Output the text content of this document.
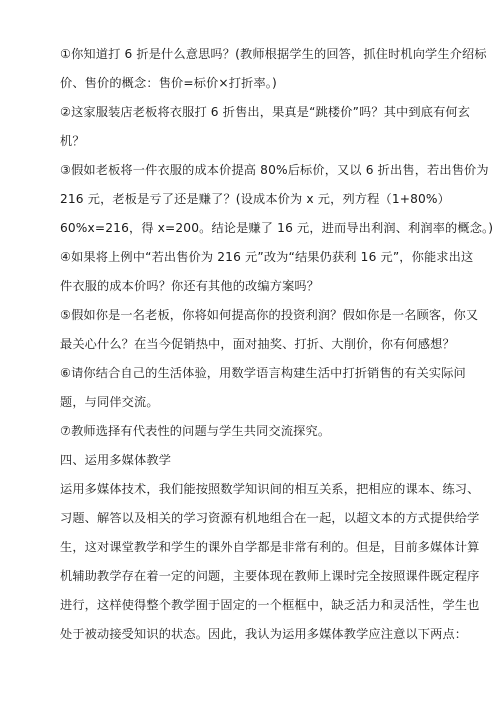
①你知道打 6 折是什么意思吗？(教师根据学生的回答，抓住时机向学生介绍标
价、售价的概念：售价=标价×打折率。)

②这家服装店老板将衣服打 6 折售出，果真是“跳楼价”吗？其中到底有何玄
机？

③假如老板将一件衣服的成本价提高 80%后标价，又以 6 折出售，若出售价为
216 元，老板是亏了还是赚了？(设成本价为 x 元，列方程（1+80%）
60%x=216，得 x=200。结论是赚了 16 元，进而导出利润、利润率的概念。)

④如果将上例中“若出售价为 216 元”改为“结果仍获利 16 元”，你能求出这
件衣服的成本价吗？你还有其他的改编方案吗？

⑤假如你是一名老板，你将如何提高你的投资利润？假如你是一名顾客，你又
最关心什么？在当今促销热中，面对抽奖、打折、大削价，你有何感想？

⑥请你结合自己的生活体验，用数学语言构建生活中打折销售的有关实际问
题，与同伴交流。

⑦教师选择有代表性的问题与学生共同交流探究。

四、运用多媒体教学

运用多媒体技术，我们能按照数学知识间的相互关系，把相应的课本、练习、
习题、解答以及相关的学习资源有机地组合在一起，以超文本的方式提供给学
生，这对课堂教学和学生的课外自学都是非常有利的。但是，目前多媒体计算
机辅助教学存在着一定的问题，主要体现在教师上课时完全按照课件既定程序
进行，这样使得整个教学囿于固定的一个框框中，缺乏活力和灵活性，学生也
处于被动接受知识的状态。因此，我认为运用多媒体教学应注意以下两点：
